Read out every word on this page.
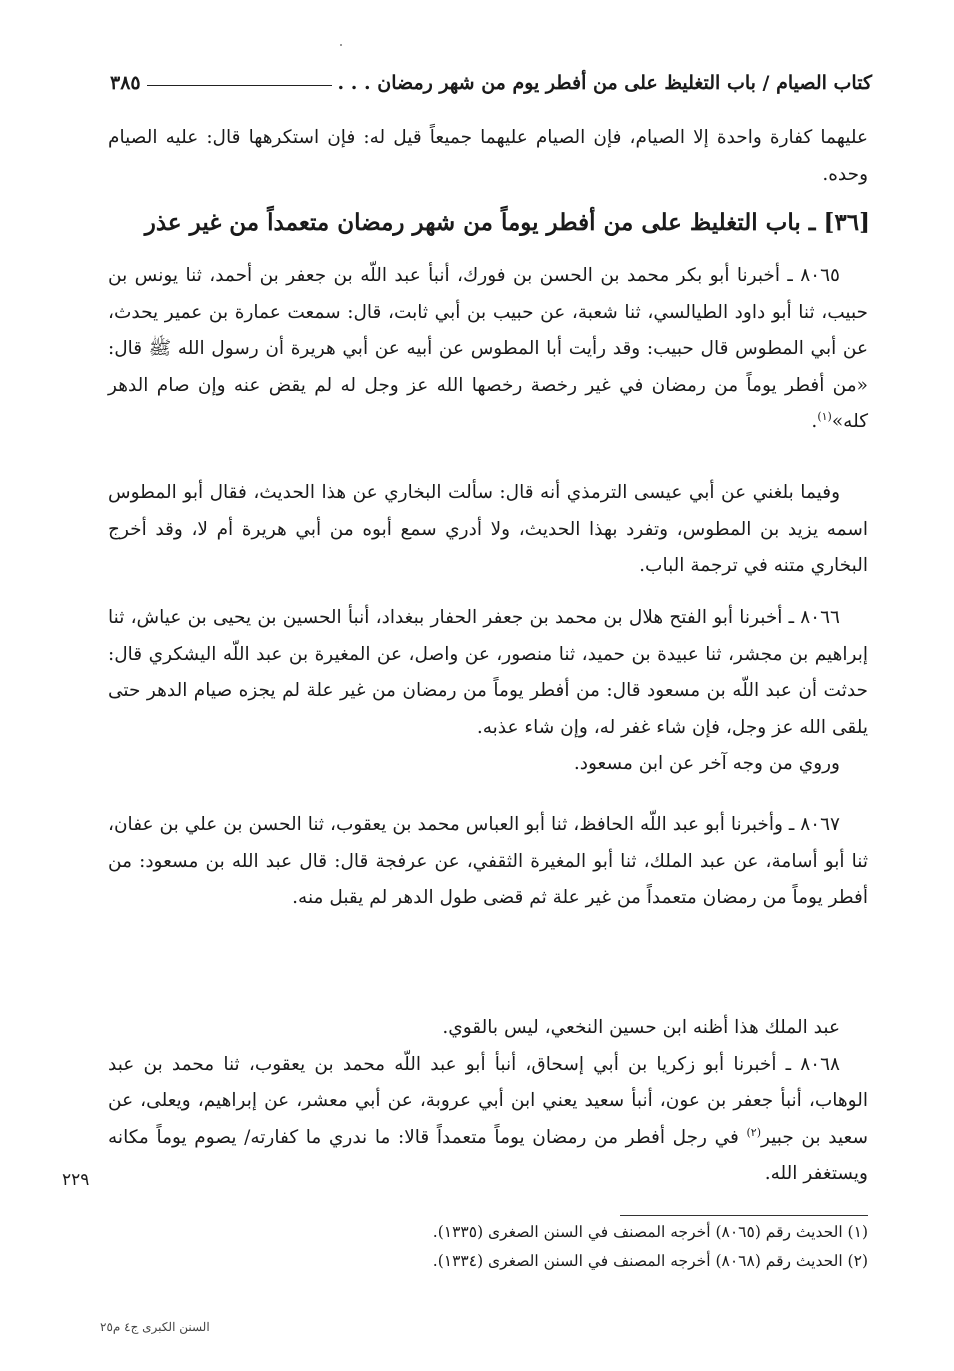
كتاب الصيام / باب التغليظ على من أفطر يوم من شهر رمضان . . .
٣٨٥

عليهما كفارة واحدة إلا الصيام، فإن الصيام عليهما جميعاً قيل له: فإن استكرهها قال: عليه الصيام وحده.

[٣٦] ـ باب التغليظ على من أفطر يوماً من شهر رمضان متعمداً من غير عذر

٨٠٦٥ ـ أخبرنا أبو بكر محمد بن الحسن بن فورك، أنبأ عبد اللّه بن جعفر بن أحمد، ثنا يونس بن حبيب، ثنا أبو داود الطيالسي، ثنا شعبة، عن حبيب بن أبي ثابت، قال: سمعت عمارة بن عمير يحدث، عن أبي المطوس قال حبيب: وقد رأيت أبا المطوس عن أبيه عن أبي هريرة أن رسول الله ﷺ قال: «من أفطر يوماً من رمضان في غير رخصة رخصها الله عز وجل له لم يقض عنه وإن صام الدهر كله»$^{(١)}$.

وفيما بلغني عن أبي عيسى الترمذي أنه قال: سألت البخاري عن هذا الحديث، فقال أبو المطوس اسمه يزيد بن المطوس، وتفرد بهذا الحديث، ولا أدري سمع أبوه من أبي هريرة أم لا، وقد أخرج البخاري متنه في ترجمة الباب.

٨٠٦٦ ـ أخبرنا أبو الفتح هلال بن محمد بن جعفر الحفار ببغداد، أنبأ الحسين بن يحيى بن عياش، ثنا إبراهيم بن مجشر، ثنا عبيدة بن حميد، ثنا منصور، عن واصل، عن المغيرة بن عبد اللّه اليشكري قال: حدثت أن عبد اللّه بن مسعود قال: من أفطر يوماً من رمضان من غير علة لم يجزه صيام الدهر حتى يلقى الله عز وجل، فإن شاء غفر له، وإن شاء عذبه.

وروي من وجه آخر عن ابن مسعود.

٨٠٦٧ ـ وأخبرنا أبو عبد اللّه الحافظ، ثنا أبو العباس محمد بن يعقوب، ثنا الحسن بن علي بن عفان، ثنا أبو أسامة، عن عبد الملك، ثنا أبو المغيرة الثقفي، عن عرفجة قال: قال عبد الله بن مسعود: من أفطر يوماً من رمضان متعمداً من غير علة ثم قضى طول الدهر لم يقبل منه.

عبد الملك هذا أظنه ابن حسين النخعي، ليس بالقوي.

٨٠٦٨ ـ أخبرنا أبو زكريا بن أبي إسحاق، أنبأ أبو عبد اللّه محمد بن يعقوب، ثنا محمد بن عبد الوهاب، أنبأ جعفر بن عون، أنبأ سعيد يعني ابن أبي عروبة، عن أبي معشر، عن إبراهيم، ويعلى، عن سعيد بن جبير$^{(٢)}$ في رجل أفطر من رمضان يوماً متعمداً قالا: ما ندري ما كفارته/ يصوم يوماً مكانه ويستغفر الله.

٢٢٩

(١) الحديث رقم (٨٠٦٥) أخرجه المصنف في السنن الصغرى (١٣٣٥).

(٢) الحديث رقم (٨٠٦٨) أخرجه المصنف في السنن الصغرى (١٣٣٤).

السنن الكبرى ج٤ م٢٥
